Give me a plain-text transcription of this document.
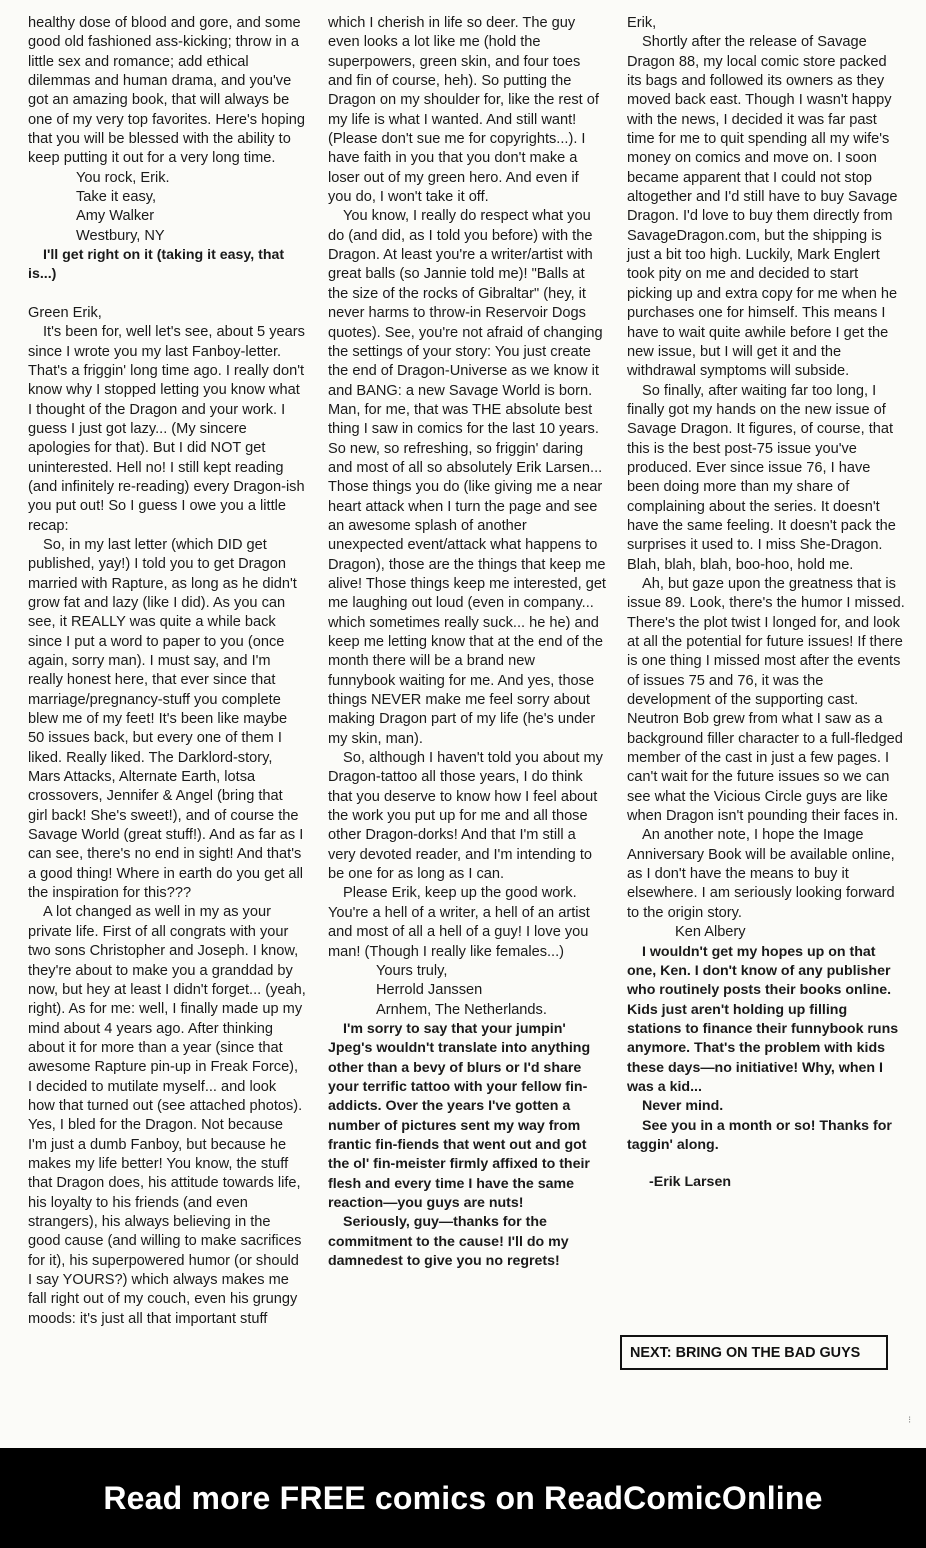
healthy dose of blood and gore, and some good old fashioned ass-kicking; throw in a little sex and romance; add ethical dilemmas and human drama, and you've got an amazing book, that will always be one of my very top favorites. Here's hoping that you will be blessed with the ability to keep putting it out for a very long time.

You rock, Erik.

Take it easy,

Amy Walker

Westbury, NY

I'll get right on it (taking it easy, that is...)

Green Erik,

It's been for, well let's see, about 5 years since I wrote you my last Fanboy-letter. That's a friggin' long time ago. I really don't know why I stopped letting you know what I thought of the Dragon and your work. I guess I just got lazy... (My sincere apologies for that). But I did NOT get uninterested. Hell no! I still kept reading (and infinitely re-reading) every Dragon-ish you put out! So I guess I owe you a little recap:

So, in my last letter (which DID get published, yay!) I told you to get Dragon married with Rapture, as long as he didn't grow fat and lazy (like I did). As you can see, it REALLY was quite a while back since I put a word to paper to you (once again, sorry man). I must say, and I'm really honest here, that ever since that marriage/pregnancy-stuff you complete blew me of my feet! It's been like maybe 50 issues back, but every one of them I liked. Really liked. The Darklord-story, Mars Attacks, Alternate Earth, lotsa crossovers, Jennifer & Angel (bring that girl back! She's sweet!), and of course the Savage World (great stuff!). And as far as I can see, there's no end in sight! And that's a good thing! Where in earth do you get all the inspiration for this???

A lot changed as well in my as your private life. First of all congrats with your two sons Christopher and Joseph. I know, they're about to make you a granddad by now, but hey at least I didn't forget... (yeah, right). As for me: well, I finally made up my mind about 4 years ago. After thinking about it for more than a year (since that awesome Rapture pin-up in Freak Force), I decided to mutilate myself... and look how that turned out (see attached photos). Yes, I bled for the Dragon. Not because I'm just a dumb Fanboy, but because he makes my life better! You know, the stuff that Dragon does, his attitude towards life, his loyalty to his friends (and even strangers), his always believing in the good cause (and willing to make sacrifices for it), his superpowered humor (or should I say YOURS?) which always makes me fall right out of my couch, even his grungy moods: it's just all that important stuff

which I cherish in life so deer. The guy even looks a lot like me (hold the superpowers, green skin, and four toes and fin of course, heh). So putting the Dragon on my shoulder for, like the rest of my life is what I wanted. And still want! (Please don't sue me for copyrights...). I have faith in you that you don't make a loser out of my green hero. And even if you do, I won't take it off.

You know, I really do respect what you do (and did, as I told you before) with the Dragon. At least you're a writer/artist with great balls (so Jannie told me)! "Balls at the size of the rocks of Gibraltar" (hey, it never harms to throw-in Reservoir Dogs quotes). See, you're not afraid of changing the settings of your story: You just create the end of Dragon-Universe as we know it and BANG: a new Savage World is born. Man, for me, that was THE absolute best thing I saw in comics for the last 10 years. So new, so refreshing, so friggin' daring and most of all so absolutely Erik Larsen... Those things you do (like giving me a near heart attack when I turn the page and see an awesome splash of another unexpected event/attack what happens to Dragon), those are the things that keep me alive! Those things keep me interested, get me laughing out loud (even in company... which sometimes really suck... he he) and keep me letting know that at the end of the month there will be a brand new funnybook waiting for me. And yes, those things NEVER make me feel sorry about making Dragon part of my life (he's under my skin, man).

So, although I haven't told you about my Dragon-tattoo all those years, I do think that you deserve to know how I feel about the work you put up for me and all those other Dragon-dorks! And that I'm still a very devoted reader, and I'm intending to be one for as long as I can.

Please Erik, keep up the good work. You're a hell of a writer, a hell of an artist and most of all a hell of a guy! I love you man! (Though I really like females...)

Yours truly,

Herrold Janssen

Arnhem, The Netherlands.

I'm sorry to say that your jumpin' Jpeg's wouldn't translate into anything other than a bevy of blurs or I'd share your terrific tattoo with your fellow fin-addicts. Over the years I've gotten a number of pictures sent my way from frantic fin-fiends that went out and got the ol' fin-meister firmly affixed to their flesh and every time I have the same reaction—you guys are nuts!

Seriously, guy—thanks for the commitment to the cause! I'll do my damnedest to give you no regrets!

Erik,

Shortly after the release of Savage Dragon 88, my local comic store packed its bags and followed its owners as they moved back east. Though I wasn't happy with the news, I decided it was far past time for me to quit spending all my wife's money on comics and move on. I soon became apparent that I could not stop altogether and I'd still have to buy Savage Dragon. I'd love to buy them directly from SavageDragon.com, but the shipping is just a bit too high. Luckily, Mark Englert took pity on me and decided to start picking up and extra copy for me when he purchases one for himself. This means I have to wait quite awhile before I get the new issue, but I will get it and the withdrawal symptoms will subside.

So finally, after waiting far too long, I finally got my hands on the new issue of Savage Dragon. It figures, of course, that this is the best post-75 issue you've produced. Ever since issue 76, I have been doing more than my share of complaining about the series. It doesn't have the same feeling. It doesn't pack the surprises it used to. I miss She-Dragon. Blah, blah, blah, boo-hoo, hold me.

Ah, but gaze upon the greatness that is issue 89. Look, there's the humor I missed. There's the plot twist I longed for, and look at all the potential for future issues! If there is one thing I missed most after the events of issues 75 and 76, it was the development of the supporting cast. Neutron Bob grew from what I saw as a background filler character to a full-fledged member of the cast in just a few pages. I can't wait for the future issues so we can see what the Vicious Circle guys are like when Dragon isn't pounding their faces in.

An another note, I hope the Image Anniversary Book will be available online, as I don't have the means to buy it elsewhere. I am seriously looking forward to the origin story.

Ken Albery

I wouldn't get my hopes up on that one, Ken. I don't know of any publisher who routinely posts their books online. Kids just aren't holding up filling stations to finance their funnybook runs anymore. That's the problem with kids these days—no initiative! Why, when I was a kid...

Never mind.

See you in a month or so! Thanks for taggin' along.

-Erik Larsen

NEXT: BRING ON THE BAD GUYS
⁝
Read more FREE comics on ReadComicOnline
